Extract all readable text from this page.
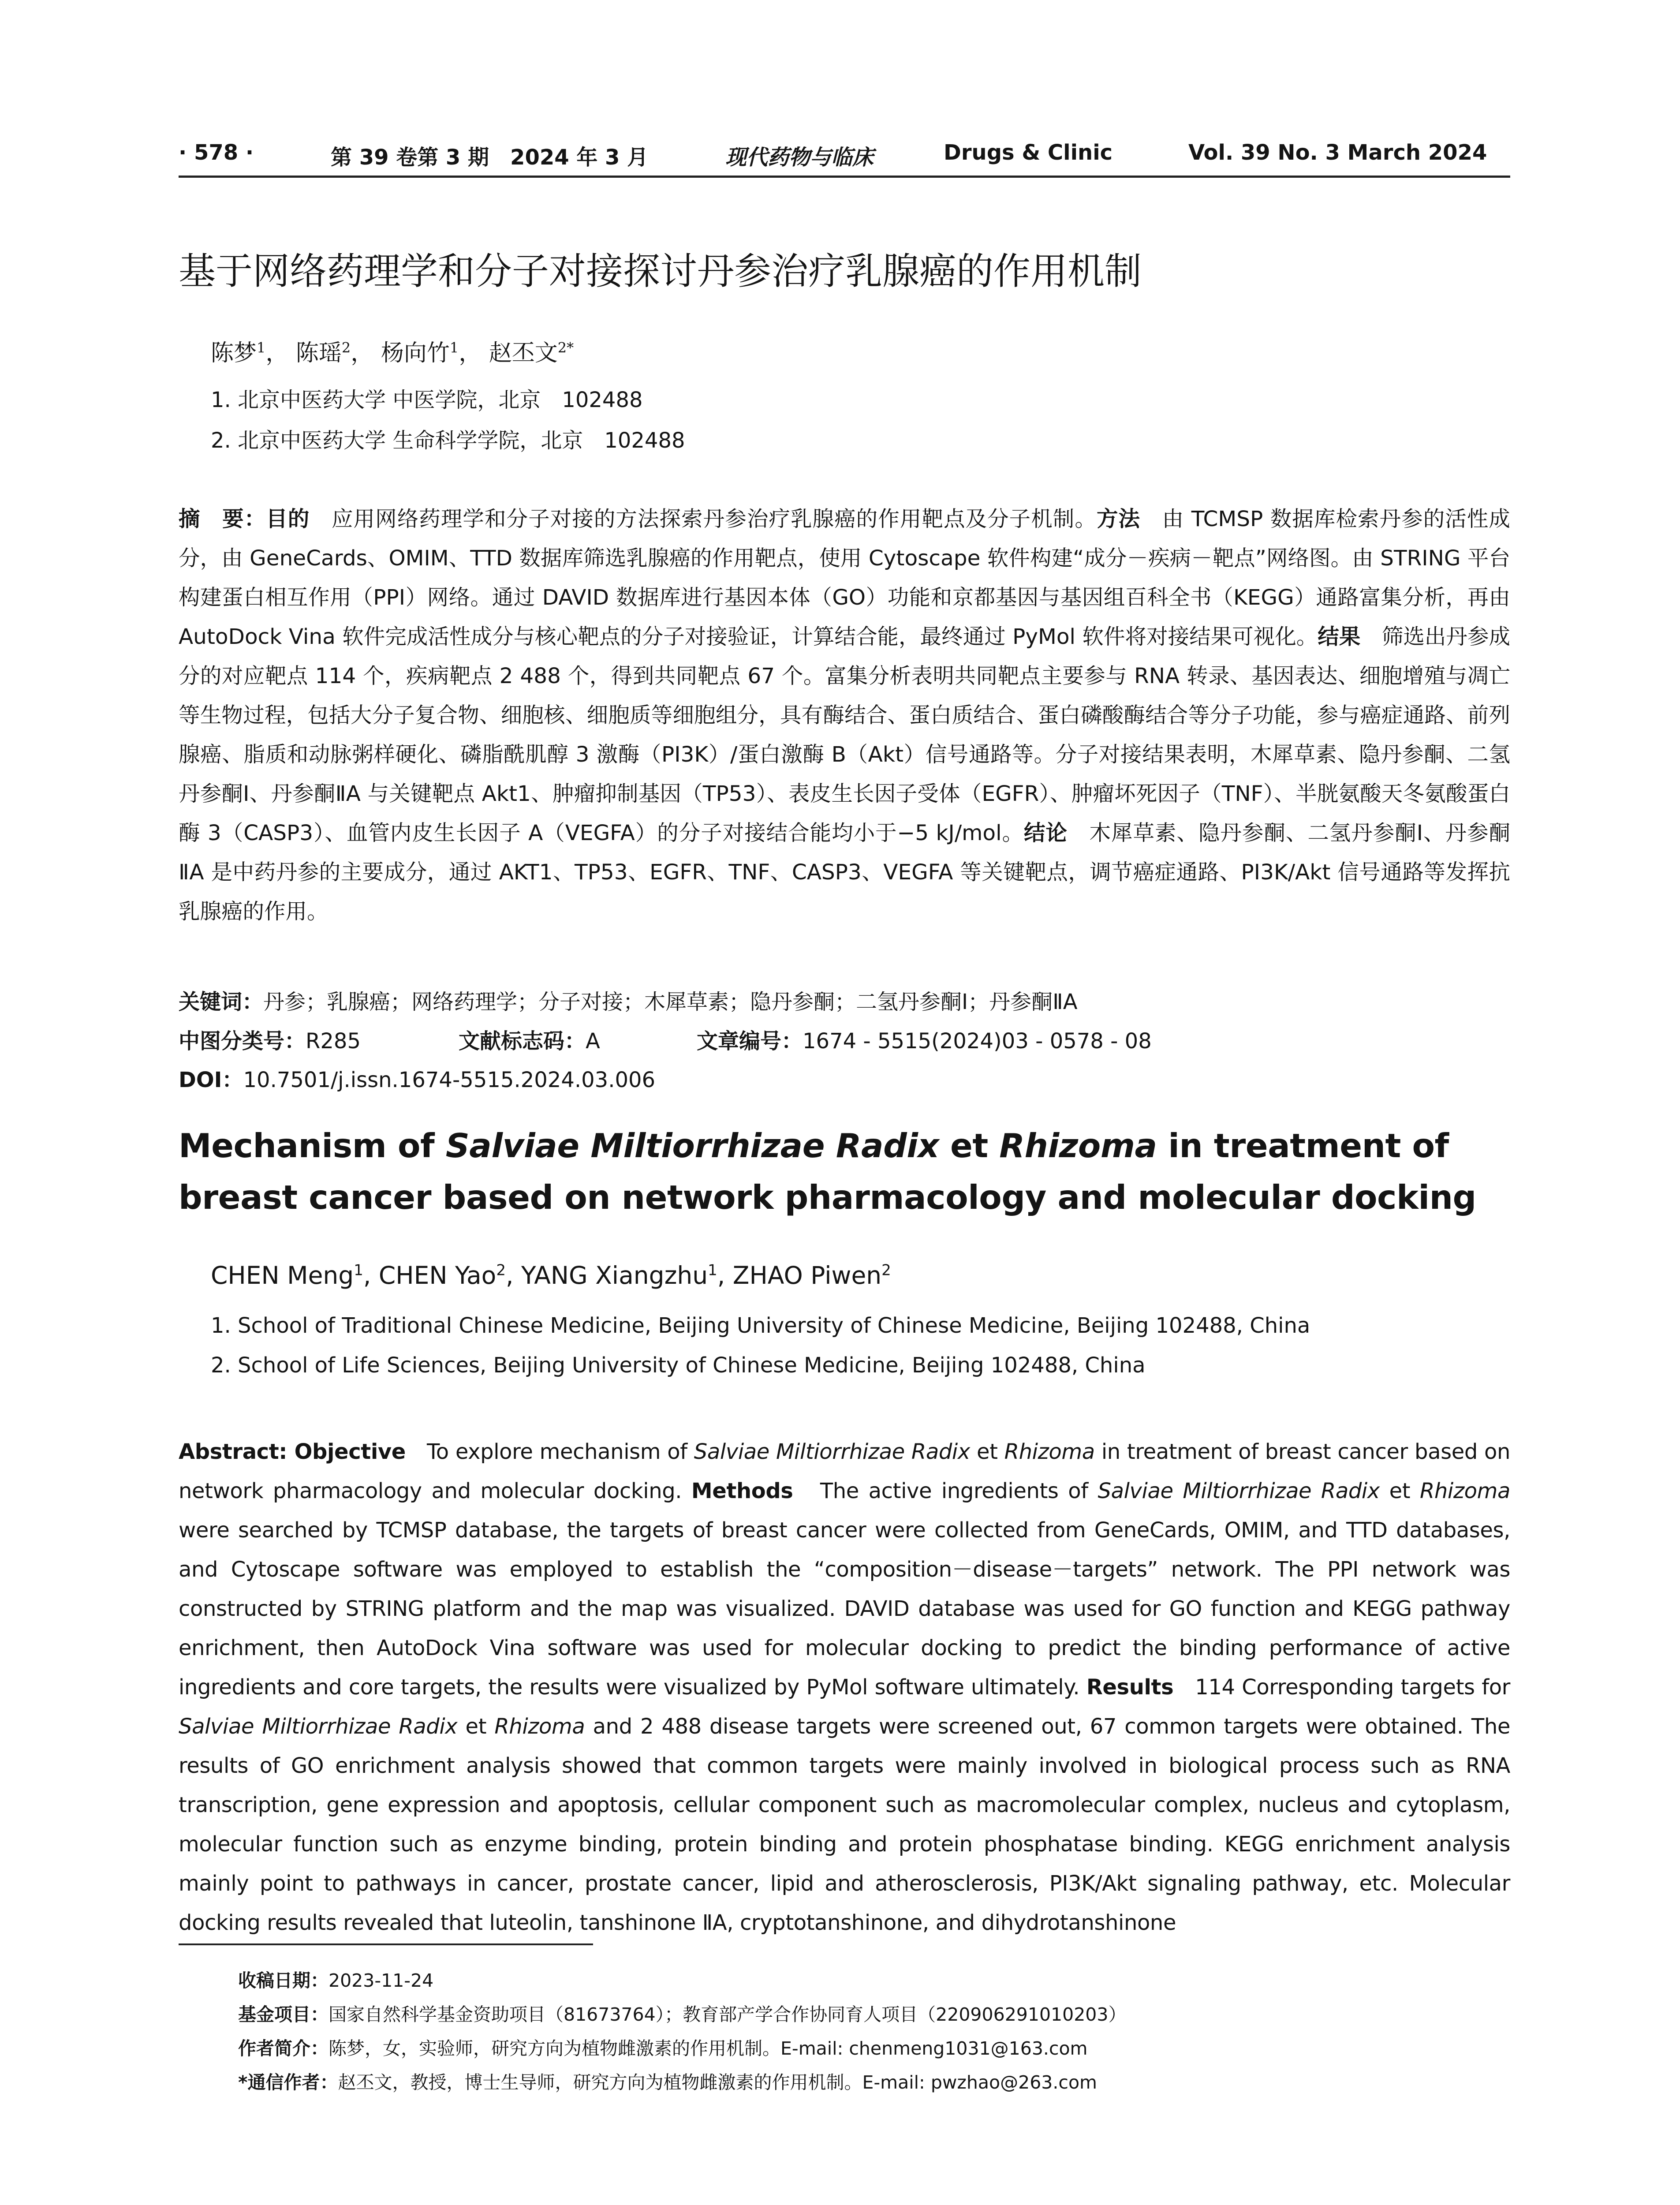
· 578 ·	第 39 卷第 3 期　2024 年 3 月	现代药物与临床	Drugs & Clinic	Vol. 39 No. 3 March 2024
基于网络药理学和分子对接探讨丹参治疗乳腺癌的作用机制
陈梦$^1$， 陈瑶$^2$， 杨向竹$^1$， 赵丕文$^{2*}$
1. 北京中医药大学 中医学院，北京　102488
2. 北京中医药大学 生命科学学院，北京　102488
摘　要：目的　应用网络药理学和分子对接的方法探索丹参治疗乳腺癌的作用靶点及分子机制。方法　由 TCMSP 数据库检索丹参的活性成分，由 GeneCards、OMIM、TTD 数据库筛选乳腺癌的作用靶点，使用 Cytoscape 软件构建“成分－疾病－靶点”网络图。由 STRING 平台构建蛋白相互作用（PPI）网络。通过 DAVID 数据库进行基因本体（GO）功能和京都基因与基因组百科全书（KEGG）通路富集分析，再由 AutoDock Vina 软件完成活性成分与核心靶点的分子对接验证，计算结合能，最终通过 PyMol 软件将对接结果可视化。结果　筛选出丹参成分的对应靶点 114 个，疾病靶点 2 488 个，得到共同靶点 67 个。富集分析表明共同靶点主要参与 RNA 转录、基因表达、细胞增殖与凋亡等生物过程，包括大分子复合物、细胞核、细胞质等细胞组分，具有酶结合、蛋白质结合、蛋白磷酸酶结合等分子功能，参与癌症通路、前列腺癌、脂质和动脉粥样硬化、磷脂酰肌醇 3 激酶（PI3K）/蛋白激酶 B（Akt）信号通路等。分子对接结果表明，木犀草素、隐丹参酮、二氢丹参酮Ⅰ、丹参酮ⅡA 与关键靶点 Akt1、肿瘤抑制基因（TP53）、表皮生长因子受体（EGFR）、肿瘤坏死因子（TNF）、半胱氨酸天冬氨酸蛋白酶 3（CASP3）、血管内皮生长因子 A（VEGFA）的分子对接结合能均小于−5 kJ/mol。结论　木犀草素、隐丹参酮、二氢丹参酮Ⅰ、丹参酮ⅡA 是中药丹参的主要成分，通过 AKT1、TP53、EGFR、TNF、CASP3、VEGFA 等关键靶点，调节癌症通路、PI3K/Akt 信号通路等发挥抗乳腺癌的作用。
关键词：丹参；乳腺癌；网络药理学；分子对接；木犀草素；隐丹参酮；二氢丹参酮Ⅰ；丹参酮ⅡA
中图分类号：R285	文献标志码：A	文章编号：1674 - 5515(2024)03 - 0578 - 08
DOI：10.7501/j.issn.1674-5515.2024.03.006
Mechanism of Salviae Miltiorrhizae Radix et Rhizoma in treatment of breast cancer based on network pharmacology and molecular docking
CHEN Meng$^1$, CHEN Yao$^2$, YANG Xiangzhu$^1$, ZHAO Piwen$^2$
1. School of Traditional Chinese Medicine, Beijing University of Chinese Medicine, Beijing 102488, China
2. School of Life Sciences, Beijing University of Chinese Medicine, Beijing 102488, China
Abstract: Objective　To explore mechanism of Salviae Miltiorrhizae Radix et Rhizoma in treatment of breast cancer based on network pharmacology and molecular docking. Methods　The active ingredients of Salviae Miltiorrhizae Radix et Rhizoma were searched by TCMSP database, the targets of breast cancer were collected from GeneCards, OMIM, and TTD databases, and Cytoscape software was employed to establish the “composition－disease－targets” network. The PPI network was constructed by STRING platform and the map was visualized. DAVID database was used for GO function and KEGG pathway enrichment, then AutoDock Vina software was used for molecular docking to predict the binding performance of active ingredients and core targets, the results were visualized by PyMol software ultimately. Results　114 Corresponding targets for Salviae Miltiorrhizae Radix et Rhizoma and 2 488 disease targets were screened out, 67 common targets were obtained. The results of GO enrichment analysis showed that common targets were mainly involved in biological process such as RNA transcription, gene expression and apoptosis, cellular component such as macromolecular complex, nucleus and cytoplasm, molecular function such as enzyme binding, protein binding and protein phosphatase binding. KEGG enrichment analysis mainly point to pathways in cancer, prostate cancer, lipid and atherosclerosis, PI3K/Akt signaling pathway, etc. Molecular docking results revealed that luteolin, tanshinone ⅡA, cryptotanshinone, and dihydrotanshinone
收稿日期：2023-11-24
基金项目：国家自然科学基金资助项目（81673764）；教育部产学合作协同育人项目（220906291010203）
作者简介：陈梦，女，实验师，研究方向为植物雌激素的作用机制。E-mail: chenmeng1031@163.com
*通信作者：赵丕文，教授，博士生导师，研究方向为植物雌激素的作用机制。E-mail: pwzhao@263.com
